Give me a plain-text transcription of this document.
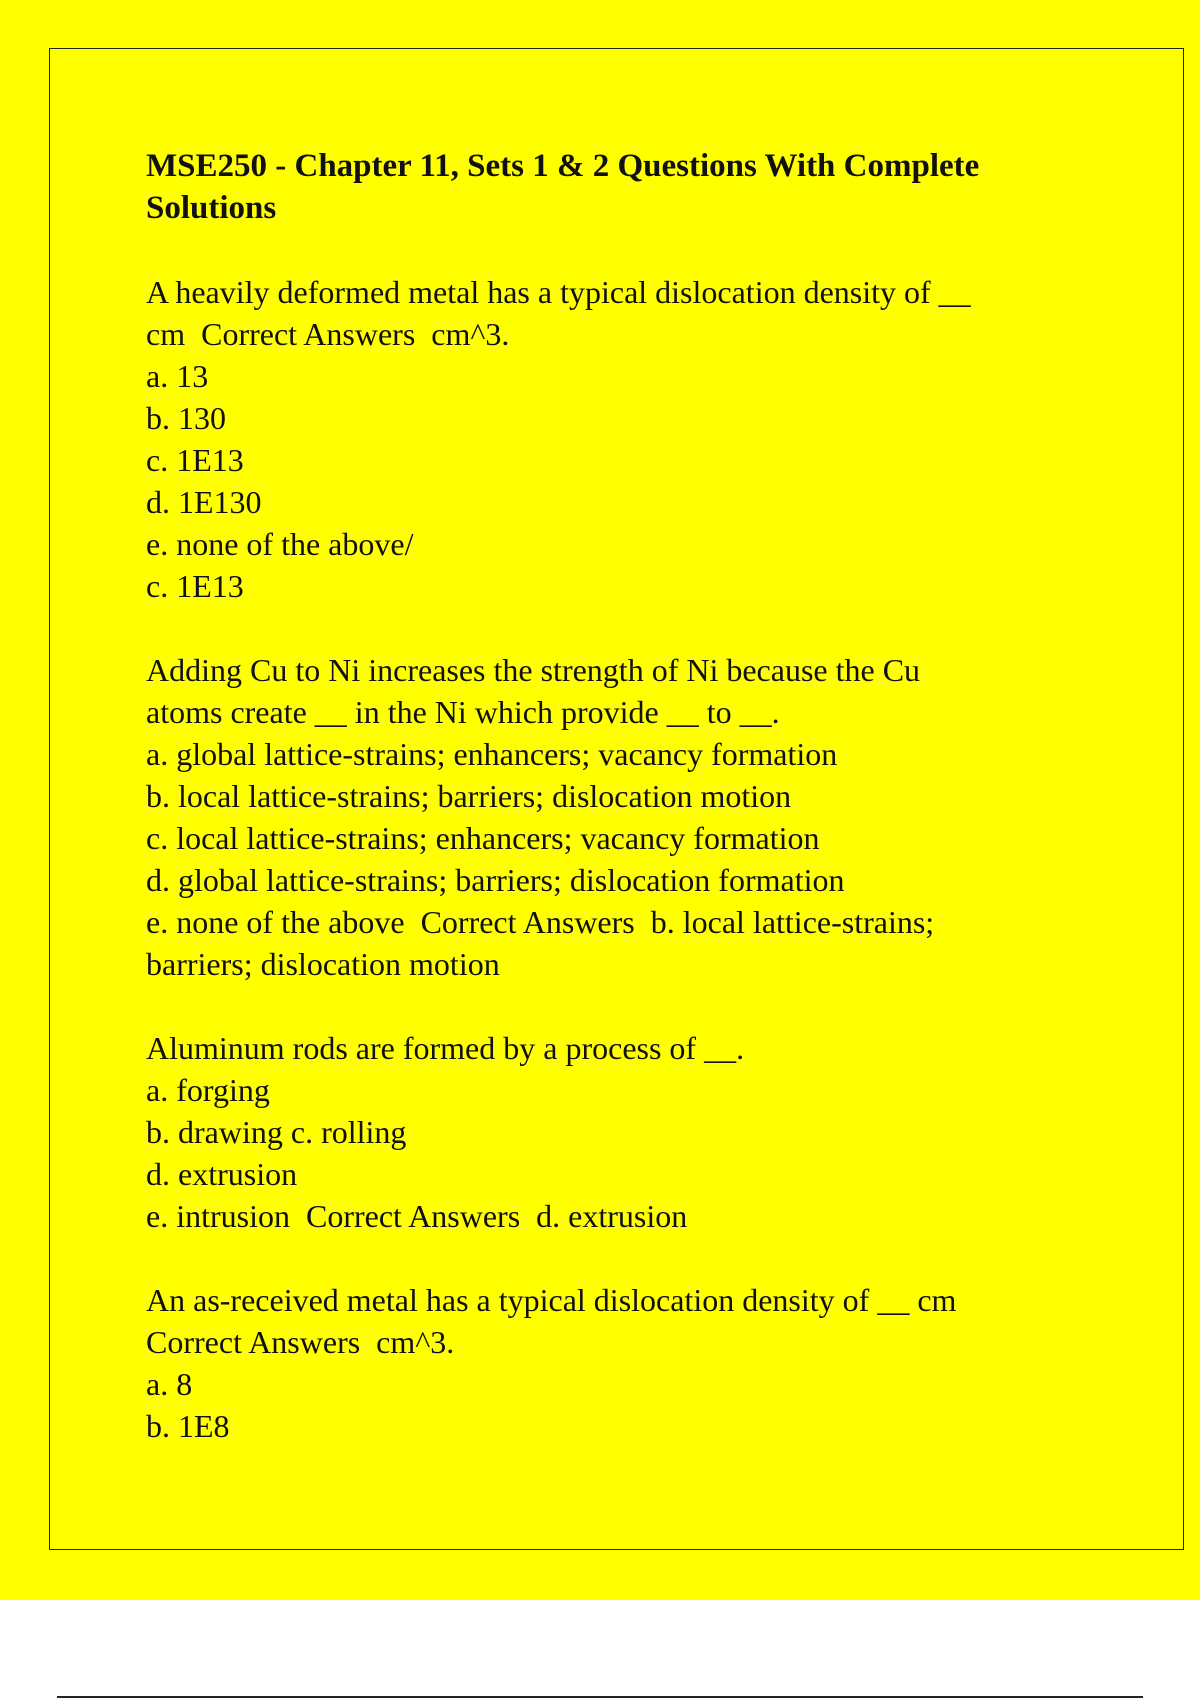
MSE250 - Chapter 11, Sets 1 & 2 Questions With Complete Solutions

A heavily deformed metal has a typical dislocation density of __

cm  Correct Answers  cm^3.

a. 13

b. 130

c. 1E13

d. 1E130

e. none of the above/

c. 1E13

Adding Cu to Ni increases the strength of Ni because the Cu

atoms create __ in the Ni which provide __ to __.

a. global lattice-strains; enhancers; vacancy formation

b. local lattice-strains; barriers; dislocation motion

c. local lattice-strains; enhancers; vacancy formation

d. global lattice-strains; barriers; dislocation formation

e. none of the above  Correct Answers  b. local lattice-strains;

barriers; dislocation motion

Aluminum rods are formed by a process of __.

a. forging

b. drawing c. rolling

d. extrusion

e. intrusion  Correct Answers  d. extrusion

An as-received metal has a typical dislocation density of __ cm

Correct Answers  cm^3.

a. 8

b. 1E8
